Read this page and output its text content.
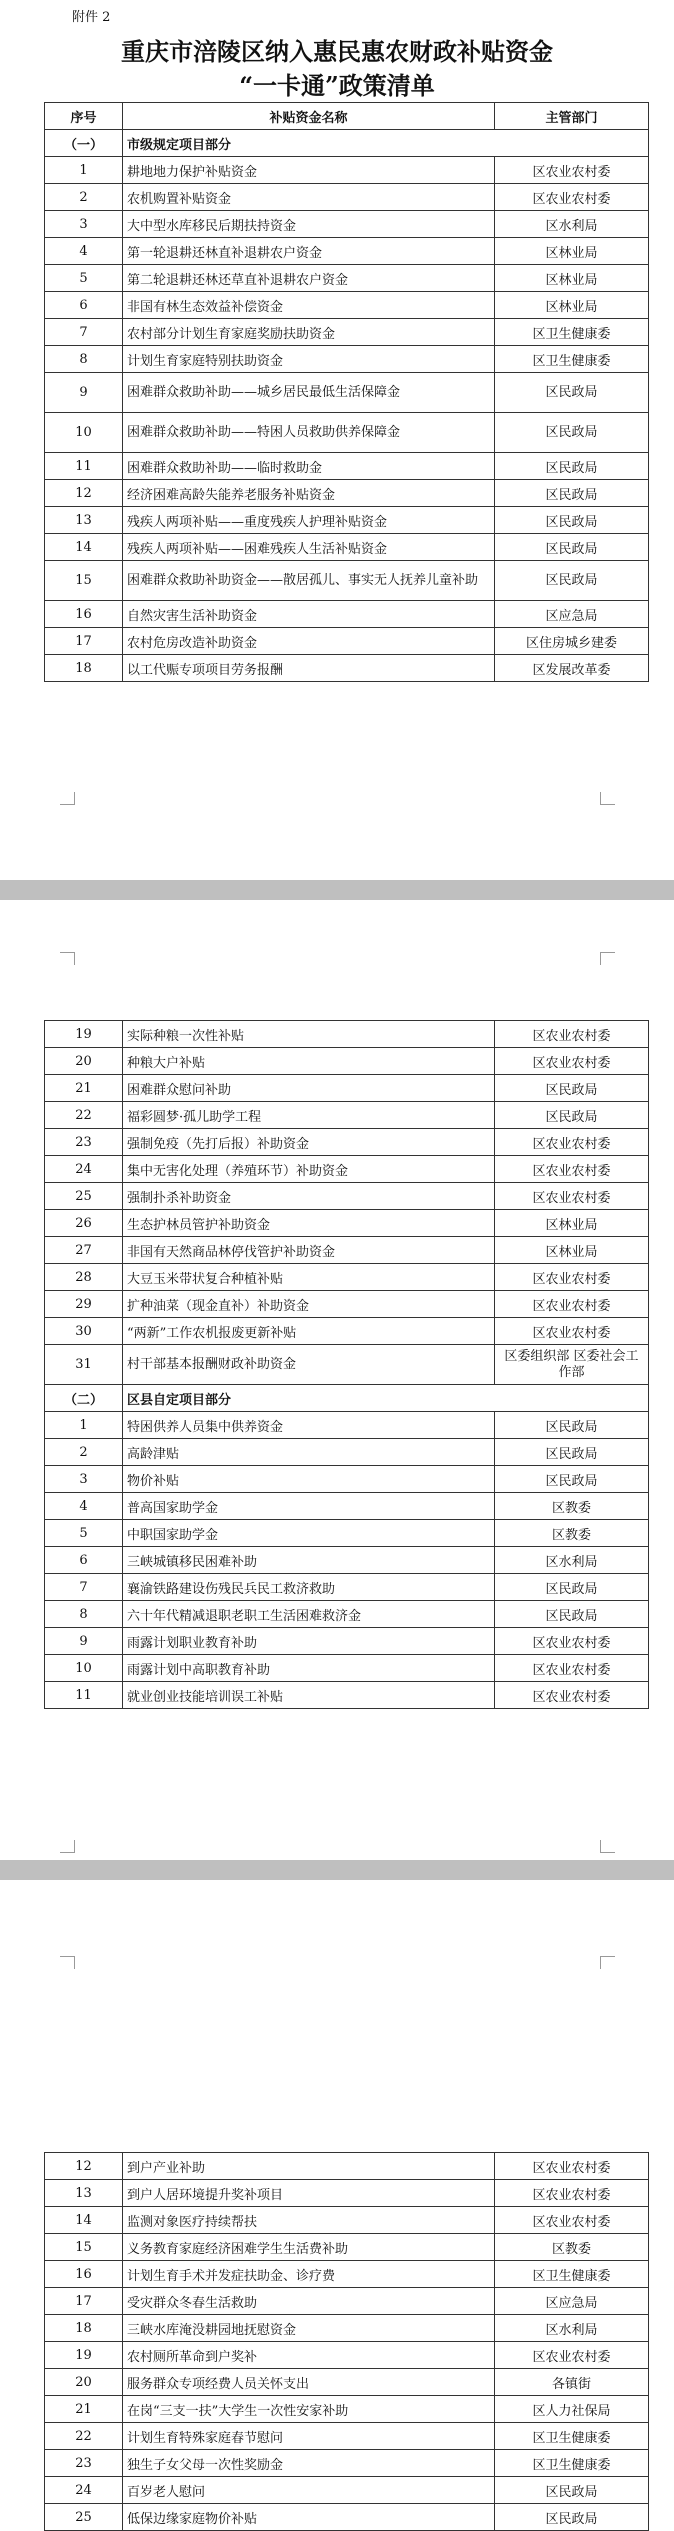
附件 2
重庆市涪陵区纳入惠民惠农财政补贴资金
“一卡通”政策清单
序号	补贴资金名称	主管部门
（一）	市级规定项目部分	
1	耕地地力保护补贴资金	区农业农村委
2	农机购置补贴资金	区农业农村委
3	大中型水库移民后期扶持资金	区水利局
4	第一轮退耕还林直补退耕农户资金	区林业局
5	第二轮退耕还林还草直补退耕农户资金	区林业局
6	非国有林生态效益补偿资金	区林业局
7	农村部分计划生育家庭奖励扶助资金	区卫生健康委
8	计划生育家庭特别扶助资金	区卫生健康委
9	困难群众救助补助——城乡居民最低生活保障金	区民政局
10	困难群众救助补助——特困人员救助供养保障金	区民政局
11	困难群众救助补助——临时救助金	区民政局
12	经济困难高龄失能养老服务补贴资金	区民政局
13	残疾人两项补贴——重度残疾人护理补贴资金	区民政局
14	残疾人两项补贴——困难残疾人生活补贴资金	区民政局
15	困难群众救助补助资金——散居孤儿、事实无人抚养儿童补助	区民政局
16	自然灾害生活补助资金	区应急局
17	农村危房改造补助资金	区住房城乡建委
18	以工代赈专项项目劳务报酬	区发展改革委
19	实际种粮一次性补贴	区农业农村委
20	种粮大户补贴	区农业农村委
21	困难群众慰问补助	区民政局
22	福彩圆梦·孤儿助学工程	区民政局
23	强制免疫（先打后报）补助资金	区农业农村委
24	集中无害化处理（养殖环节）补助资金	区农业农村委
25	强制扑杀补助资金	区农业农村委
26	生态护林员管护补助资金	区林业局
27	非国有天然商品林停伐管护补助资金	区林业局
28	大豆玉米带状复合种植补贴	区农业农村委
29	扩种油菜（现金直补）补助资金	区农业农村委
30	“两新”工作农机报废更新补贴	区农业农村委
31	村干部基本报酬财政补助资金	区委组织部 区委社会工作部
（二）	区县自定项目部分	
1	特困供养人员集中供养资金	区民政局
2	高龄津贴	区民政局
3	物价补贴	区民政局
4	普高国家助学金	区教委
5	中职国家助学金	区教委
6	三峡城镇移民困难补助	区水利局
7	襄渝铁路建设伤残民兵民工救济救助	区民政局
8	六十年代精减退职老职工生活困难救济金	区民政局
9	雨露计划职业教育补助	区农业农村委
10	雨露计划中高职教育补助	区农业农村委
11	就业创业技能培训误工补贴	区农业农村委
12	到户产业补助	区农业农村委
13	到户人居环境提升奖补项目	区农业农村委
14	监测对象医疗持续帮扶	区农业农村委
15	义务教育家庭经济困难学生生活费补助	区教委
16	计划生育手术并发症扶助金、诊疗费	区卫生健康委
17	受灾群众冬春生活救助	区应急局
18	三峡水库淹没耕园地抚慰资金	区水利局
19	农村厕所革命到户奖补	区农业农村委
20	服务群众专项经费人员关怀支出	各镇街
21	在岗“三支一扶”大学生一次性安家补助	区人力社保局
22	计划生育特殊家庭春节慰问	区卫生健康委
23	独生子女父母一次性奖励金	区卫生健康委
24	百岁老人慰问	区民政局
25	低保边缘家庭物价补贴	区民政局
